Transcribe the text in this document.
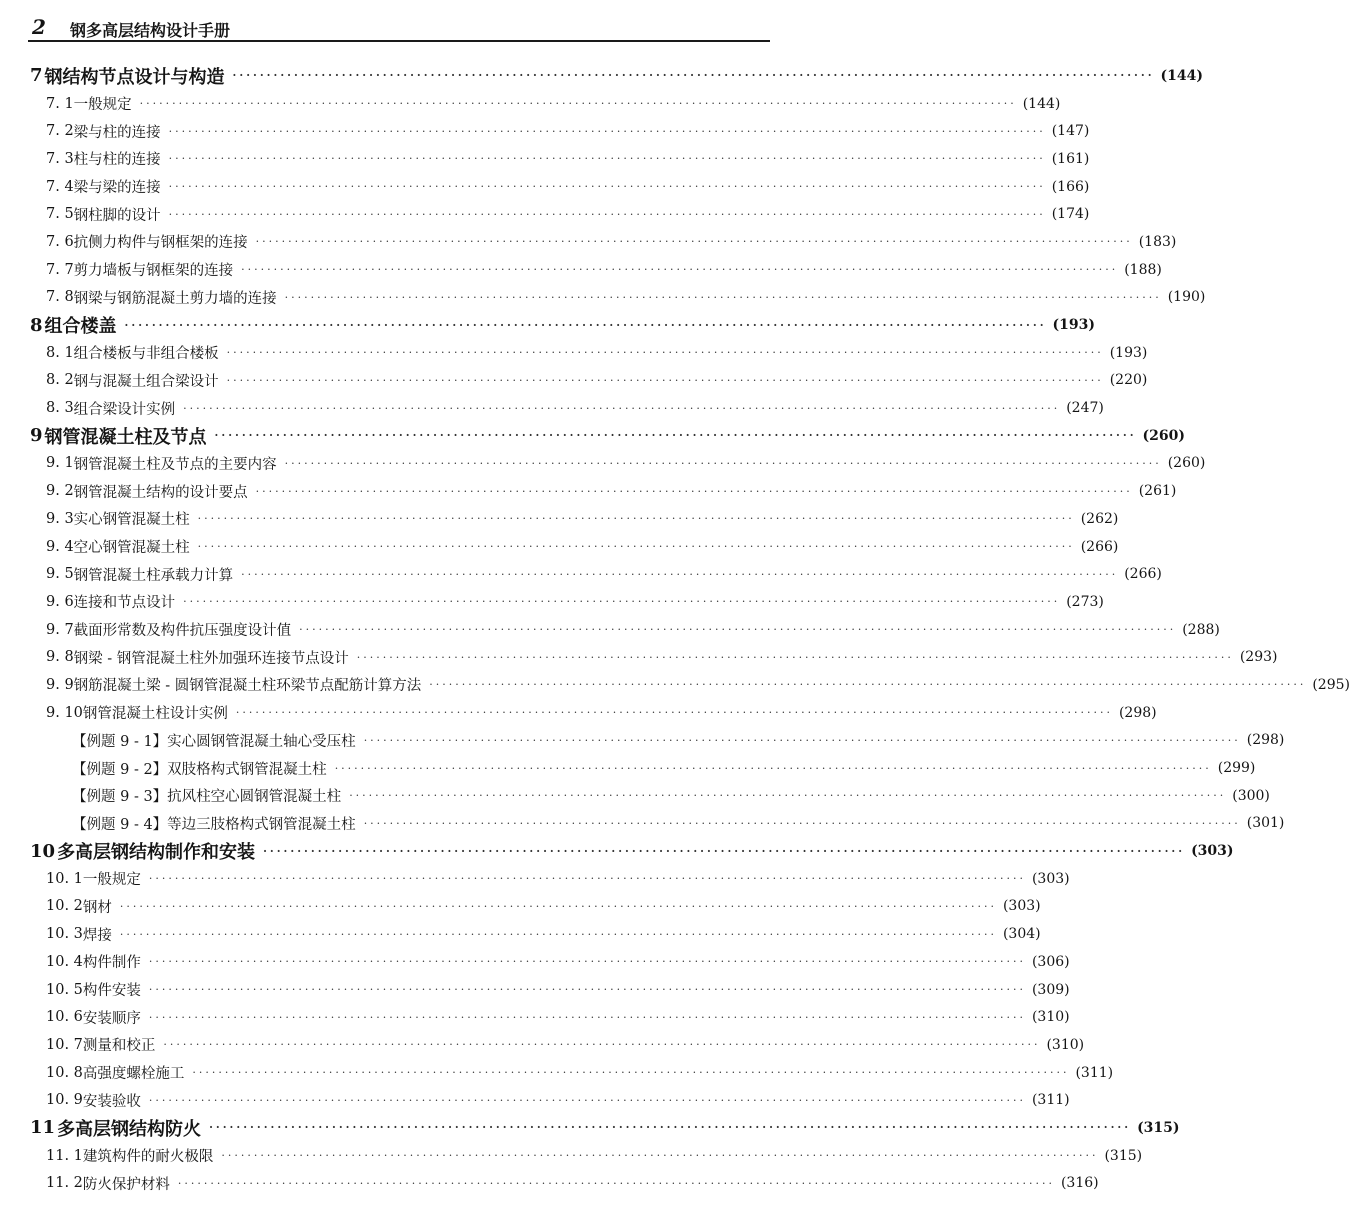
2 钢多高层结构设计手册
7 钢结构节点设计与构造 ······································································································································· (144)
7. 1 一般规定 ······································································································································· (144)
7. 2 梁与柱的连接 ······································································································································· (147)
7. 3 柱与柱的连接 ······································································································································· (161)
7. 4 梁与梁的连接 ······································································································································· (166)
7. 5 钢柱脚的设计 ······································································································································· (174)
7. 6 抗侧力构件与钢框架的连接 ······································································································································· (183)
7. 7 剪力墙板与钢框架的连接 ······································································································································· (188)
7. 8 钢梁与钢筋混凝土剪力墙的连接 ······································································································································· (190)
8 组合楼盖 ······································································································································· (193)
8. 1 组合楼板与非组合楼板 ······································································································································· (193)
8. 2 钢与混凝土组合梁设计 ······································································································································· (220)
8. 3 组合梁设计实例 ······································································································································· (247)
9 钢管混凝土柱及节点 ······································································································································· (260)
9. 1 钢管混凝土柱及节点的主要内容 ······································································································································· (260)
9. 2 钢管混凝土结构的设计要点 ······································································································································· (261)
9. 3 实心钢管混凝土柱 ······································································································································· (262)
9. 4 空心钢管混凝土柱 ······································································································································· (266)
9. 5 钢管混凝土柱承载力计算 ······································································································································· (266)
9. 6 连接和节点设计 ······································································································································· (273)
9. 7 截面形常数及构件抗压强度设计值 ······································································································································· (288)
9. 8 钢梁 - 钢管混凝土柱外加强环连接节点设计 ······································································································································· (293)
9. 9 钢筋混凝土梁 - 圆钢管混凝土柱环梁节点配筋计算方法 ······································································································································· (295)
9. 10 钢管混凝土柱设计实例 ······································································································································· (298)
【例题 9 - 1】实心圆钢管混凝土轴心受压柱 ······································································································································· (298)
【例题 9 - 2】双肢格构式钢管混凝土柱 ······································································································································· (299)
【例题 9 - 3】抗风柱空心圆钢管混凝土柱 ······································································································································· (300)
【例题 9 - 4】等边三肢格构式钢管混凝土柱 ······································································································································· (301)
10 多高层钢结构制作和安装 ······································································································································· (303)
10. 1 一般规定 ······································································································································· (303)
10. 2 钢材 ······································································································································· (303)
10. 3 焊接 ······································································································································· (304)
10. 4 构件制作 ······································································································································· (306)
10. 5 构件安装 ······································································································································· (309)
10. 6 安装顺序 ······································································································································· (310)
10. 7 测量和校正 ······································································································································· (310)
10. 8 高强度螺栓施工 ······································································································································· (311)
10. 9 安装验收 ······································································································································· (311)
11 多高层钢结构防火 ······································································································································· (315)
11. 1 建筑构件的耐火极限 ······································································································································· (315)
11. 2 防火保护材料 ······································································································································· (316)
